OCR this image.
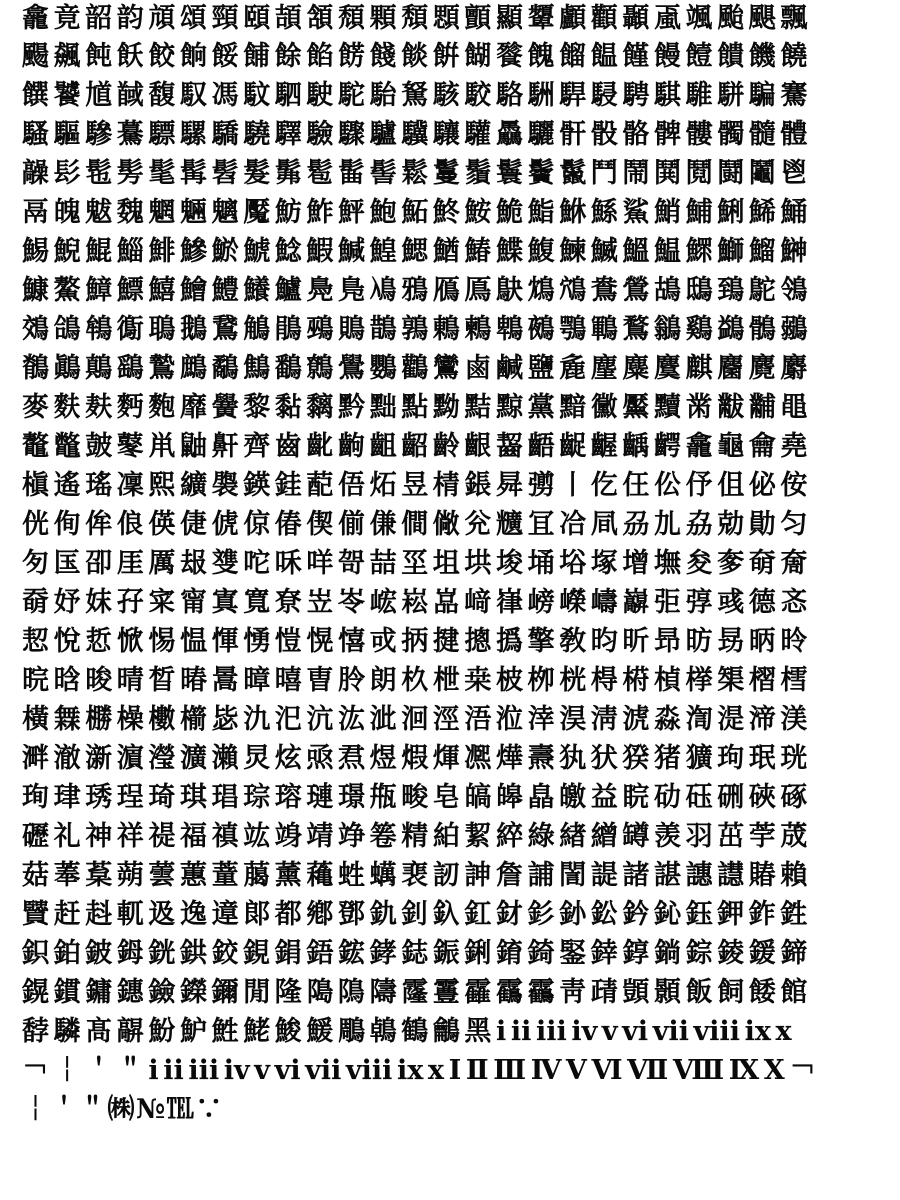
龕竟韶韵頏頌頸頤頡頷頹顆頽顋顫顯顰顱顴顳颪颯颱颶飄
颺飆飩飫餃餉餒餔餘餡餝餞餤餠餬餮餽餾饂饉饅饐饋饑饒
饌饕馗馘馥馭馮馼駟駛駝駘駑駭駮駱駲駻駸騁騏騅駢騙騫
騷驅驂驀驃騾驕驍驛驗驟驢驥驤驩驫驪骭骰骼髀髏髑髓體
髞髟髢髣髦髯髫髮髴髱髷髻鬆鬘鬚鬟鬢鬣鬥鬧鬨鬩鬪鬮鬯
鬲魄魃魏魍魎魑魘魴鮓鮃鮑鮖鮗鮟鮠鮨鮴鯀鯊鮹鯆鯏鯑鯒
鯣鯢鯤鯔鯡鰺鯲鯱鯰鰕鰔鰉鰓鰌鰆鰈鰒鰊鰄鰮鰛鰥鰤鰡鰰
鱇鰲鱆鰾鱚鱠鱧鱶鱸鳧鳬鳰鴉鴈鳫鴃鴆鴪鴦鶯鴣鴟鵄鴕鴒
鵁鴿鴾鵆鵈鵝鵞鵤鵑鵐鵙鵲鶉鶇鶫鵯鵺鶚鶤鶩鶲鷄鷁鶻鶸
鶺鷆鷏鷂鷙鷓鷸鷦鷭鷯鷽鸚鸛鸞鹵鹹鹽麁麈麋麌麒麕麑麝
麥麩麸麪麭靡黌黎黏黐黔黜點黝黠黥黨黯黴黶黷黹黻黼黽
鼇鼈皷鼕鼡鼬鼾齊齒齔齣齟齠齡齦齧齬齪齷齲齶龕龜龠堯
槇遙瑤凜熙纊褜鍈銈蓜俉炻昱棈鋹曻彅丨仡仼伀伃伹佖侒
侊侚侔俍偀倢俿倞偆偰偂傔僴僘兊兤冝冾凬刕劜劦勀勛匀
匇匤卲厓厲叝﨎咜咊咩哿喆坙坥垬埈埇﨏塚增墲夋奓奛奝
奣妤妺孖寀甯寘寬尞岦岺峵崧嵓﨑嵂嵭嶸嶹巐弡弴彧德忞
恝悅悊惞惕愠惲愑愷愰憘戓抦揵摠撝擎敎昀昕昻昉昮昞昤
晥晗晙晴晳暙暠暲暿曺朎朗杦枻桒柀栁桄棏﨓楨﨔榘槢樰
橫橆橳橾櫢櫤毖氿汜沆汯泚洄涇浯涖涬淏淸淲淼渹湜渧渼
溿澈澵濵瀅瀇瀨炅炫焏焄煜煆煇凞燁燾犱犾猤猪獷玽珉珖
珣珒琇珵琦琪琩琮瑢璉璟甁畯皂皜皞皛皦益睆劯砡硎硤硺
礰礼神祥禔福禛竑竧靖竫箞精絈絜綷綠緖繒罇羡羽茁荢荿
菇菶葈蒴蕓蕙蕫﨟薰蘒﨡蠇裵訒訷詹誧誾諟諸諶譓譿賰賴
贒赶﨣軏﨤逸遧郞都鄕鄧釚釗釞釭釮釤釥鈆鈐鈊鈺鉀鈼鉎
鉙鉑鈹鉧銧鉷鉸鋧鋗鋙鋐﨧鋕鋠鋓錥錡鋻﨨錞鋿錝錂鍰鍗
鎤鏆鏞鏸鐱鑅鑈閒隆﨩隝隯霳霻靃靍靏靑靕顗顥飯飼餧館
馞驎髙髜魵魲鮏鮱鮻鰀鵰鵫鶴鸙黑ⅰⅱⅲⅳⅴⅵⅶⅷⅸⅹ
￢￤＇＂ⅰⅱⅲⅳⅴⅵⅶⅷⅸⅹⅠⅡⅢⅣⅤⅥⅦⅧⅨⅩ￢
￤＇＂㈱№℡∵
